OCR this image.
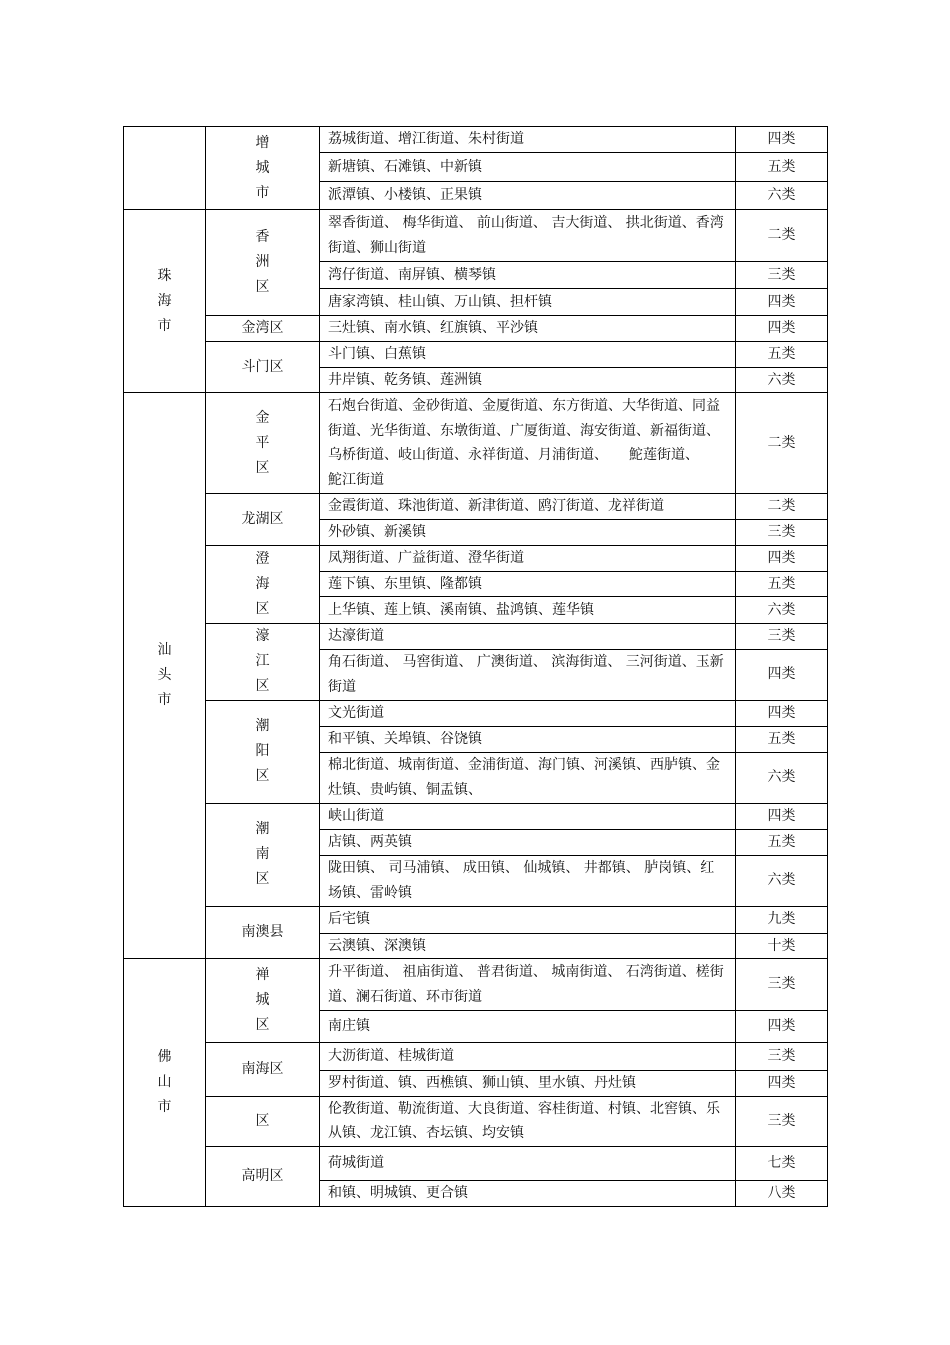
	增城市	荔城街道、增江街道、朱村街道	四类
		新塘镇、石滩镇、中新镇	五类
		派潭镇、小楼镇、正果镇	六类
珠海市	香洲区	翠香街道、 梅华街道、 前山街道、 吉大街道、 拱北街道、香湾街道、狮山街道	二类
		湾仔街道、南屏镇、横琴镇	三类
		唐家湾镇、桂山镇、万山镇、担杆镇	四类
	金湾区	三灶镇、南水镇、红旗镇、平沙镇	四类
	斗门区	斗门镇、白蕉镇	五类
		井岸镇、乾务镇、莲洲镇	六类
汕头市	金平区	石炮台街道、金砂街道、金厦街道、东方街道、大华街道、同益街道、光华街道、东墩街道、广厦街道、海安街道、新福街道、乌桥街道、岐山街道、永祥街道、月浦街道、　　鮀莲街道、　　鮀江街道	二类
	龙湖区	金霞街道、珠池街道、新津街道、鸥汀街道、龙祥街道	二类
		外砂镇、新溪镇	三类
	澄海区	凤翔街道、广益街道、澄华街道	四类
		莲下镇、东里镇、隆都镇	五类
		上华镇、莲上镇、溪南镇、盐鸿镇、莲华镇	六类
	濠江区	达濠街道	三类
		角石街道、 马窖街道、 广澳街道、 滨海街道、 三河街道、玉新街道	四类
	潮阳区	文光街道	四类
		和平镇、关埠镇、谷饶镇	五类
		棉北街道、城南街道、金浦街道、海门镇、河溪镇、西胪镇、金灶镇、贵屿镇、铜盂镇、	六类
	潮南区	峡山街道	四类
		店镇、两英镇	五类
		陇田镇、 司马浦镇、 成田镇、 仙城镇、 井都镇、 胪岗镇、红场镇、雷岭镇	六类
	南澳县	后宅镇	九类
		云澳镇、深澳镇	十类
佛山市	禅城区	升平街道、 祖庙街道、 普君街道、 城南街道、 石湾街道、槎街道、澜石街道、环市街道	三类
		南庄镇	四类
	南海区	大沥街道、桂城街道	三类
		罗村街道、镇、西樵镇、狮山镇、里水镇、丹灶镇	四类
	区	伦教街道、勒流街道、大良街道、容桂街道、村镇、北窖镇、乐从镇、龙江镇、杏坛镇、均安镇	三类
	高明区	荷城街道	七类
		和镇、明城镇、更合镇	八类
